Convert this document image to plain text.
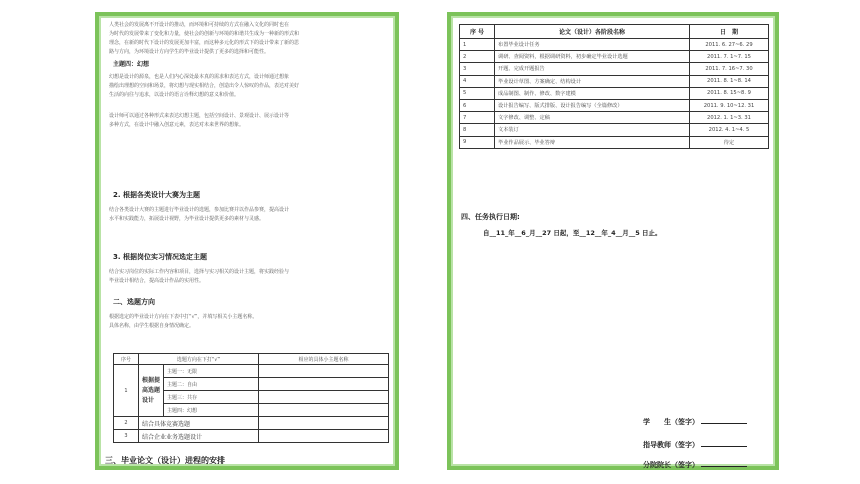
人类社会的发展离不开设计的推动，而环境和可持续的方式在融入文化的同时也在
为时代的发展带来了变化和力量，使社会的创新与环境的和谐共生成为一种新的形式和
理念，在新的时代下设计的发展更加丰富，而这种多元化的形式下的设计带来了新的思
路与方向，为环境设计方向学生的毕业设计提供了更多的选择和可能性。
主题四：幻想
幻想是设计的源泉，也是人们内心深处最本真的需求和表达方式，设计师通过想象
描绘出理想的空间和场景，将幻想与现实相结合，创造出令人惊叹的作品，表达对美好
生活的向往与追求，以设计的语言诠释幻想的意义和价值。
设计师可以通过各种形式来表达幻想主题，包括空间设计、景观设计、展示设计等
多种方式，在设计中融入创意元素，表达对未来世界的想象。
2. 根据各类设计大赛为主题
结合各类设计大赛的主题进行毕业设计的选题，参加比赛并以作品参赛，提高设计
水平和实践能力，拓展设计视野，为毕业设计提供更多的素材与灵感。
3. 根据岗位实习情况选定主题
结合实习岗位的实际工作内容和项目，选择与实习相关的设计主题，将实践经验与
毕业设计相结合，提高设计作品的实用性。
二、选题方向
根据选定的毕业设计方向在下表中打“√”，并填写相关小主题名称。
具体名称，由学生根据自身情况确定。
序号	选题方向在下打“√”		相应的具体小主题名称
1	根据提高选题设计	主题一：无限	
		主题二：自由	
		主题三：共存	
		主题四：幻想	
2	结合具体竞赛选题		
3	结合企业业务选题设计		
三、毕业论文（设计）进程的安排
序 号	论文（设计）各阶段名称	日　期
1	布置毕业设计任务	2011. 6. 27~6. 29
2	调研、查阅资料，根据调研资料，初步确定毕业设计选题	2011. 7. 1~7. 15
3	开题、完成开题报告	2011. 7. 16~7. 30
4	毕业设计草图、方案确定、结构设计	2011. 8. 1~8. 14
5	成品制图、制作、修改、数字建模	2011. 8. 15~8. 9
6	设计报告编写、版式排版、设计报告编写（全篇修改）	2011. 9. 10~12. 31
7	文字修改、调整、定稿	2012. 1. 1~3. 31
8	文本装订	2012. 4. 1~4. 5
9	毕业作品展示、毕业答辩	待定
四、任务执行日期:
自__11_年__6_月__27 日起，至__12__年_4__月__5 日止。
学　　生（签字）
指导教师（签字）
分院院长（签字）
